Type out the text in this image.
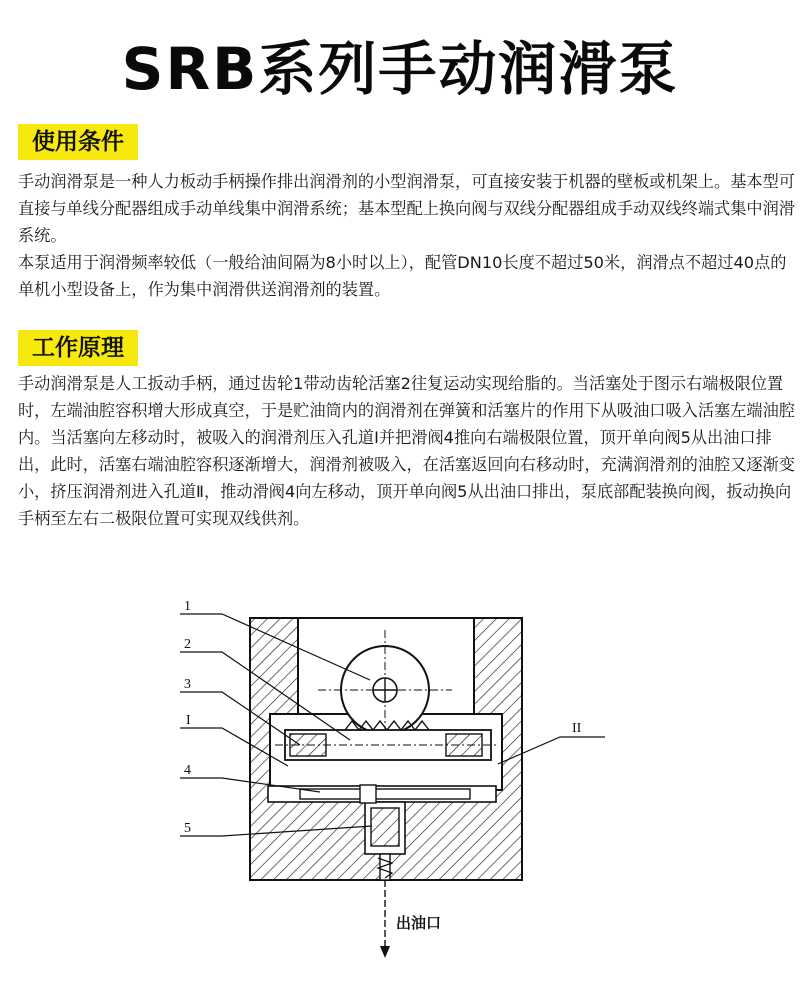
SRB系列手动润滑泵
使用条件

手动润滑泵是一种人力板动手柄操作排出润滑剂的小型润滑泵，可直接安装于机器的壁板或机架上。基本型可直接与单线分配器组成手动单线集中润滑系统；基本型配上换向阀与双线分配器组成手动双线终端式集中润滑系统。

本泵适用于润滑频率较低（一般给油间隔为8小时以上），配管DN10长度不超过50米，润滑点不超过40点的单机小型设备上，作为集中润滑供送润滑剂的装置。

工作原理

手动润滑泵是人工扳动手柄，通过齿轮1带动齿轮活塞2往复运动实现给脂的。当活塞处于图示右端极限位置时，左端油腔容积增大形成真空，于是贮油筒内的润滑剂在弹簧和活塞片的作用下从吸油口吸入活塞左端油腔内。当活塞向左移动时，被吸入的润滑剂压入孔道Ⅰ并把滑阀4推向右端极限位置，顶开单向阀5从出油口排出，此时，活塞右端油腔容积逐渐增大，润滑剂被吸入，在活塞返回向右移动时，充满润滑剂的油腔又逐渐变小，挤压润滑剂进入孔道Ⅱ，推动滑阀4向左移动，顶开单向阀5从出油口排出，泵底部配装换向阀，扳动换向手柄至左右二极限位置可实现双线供剂。

1
2
3
I
4
5
II
出油口
